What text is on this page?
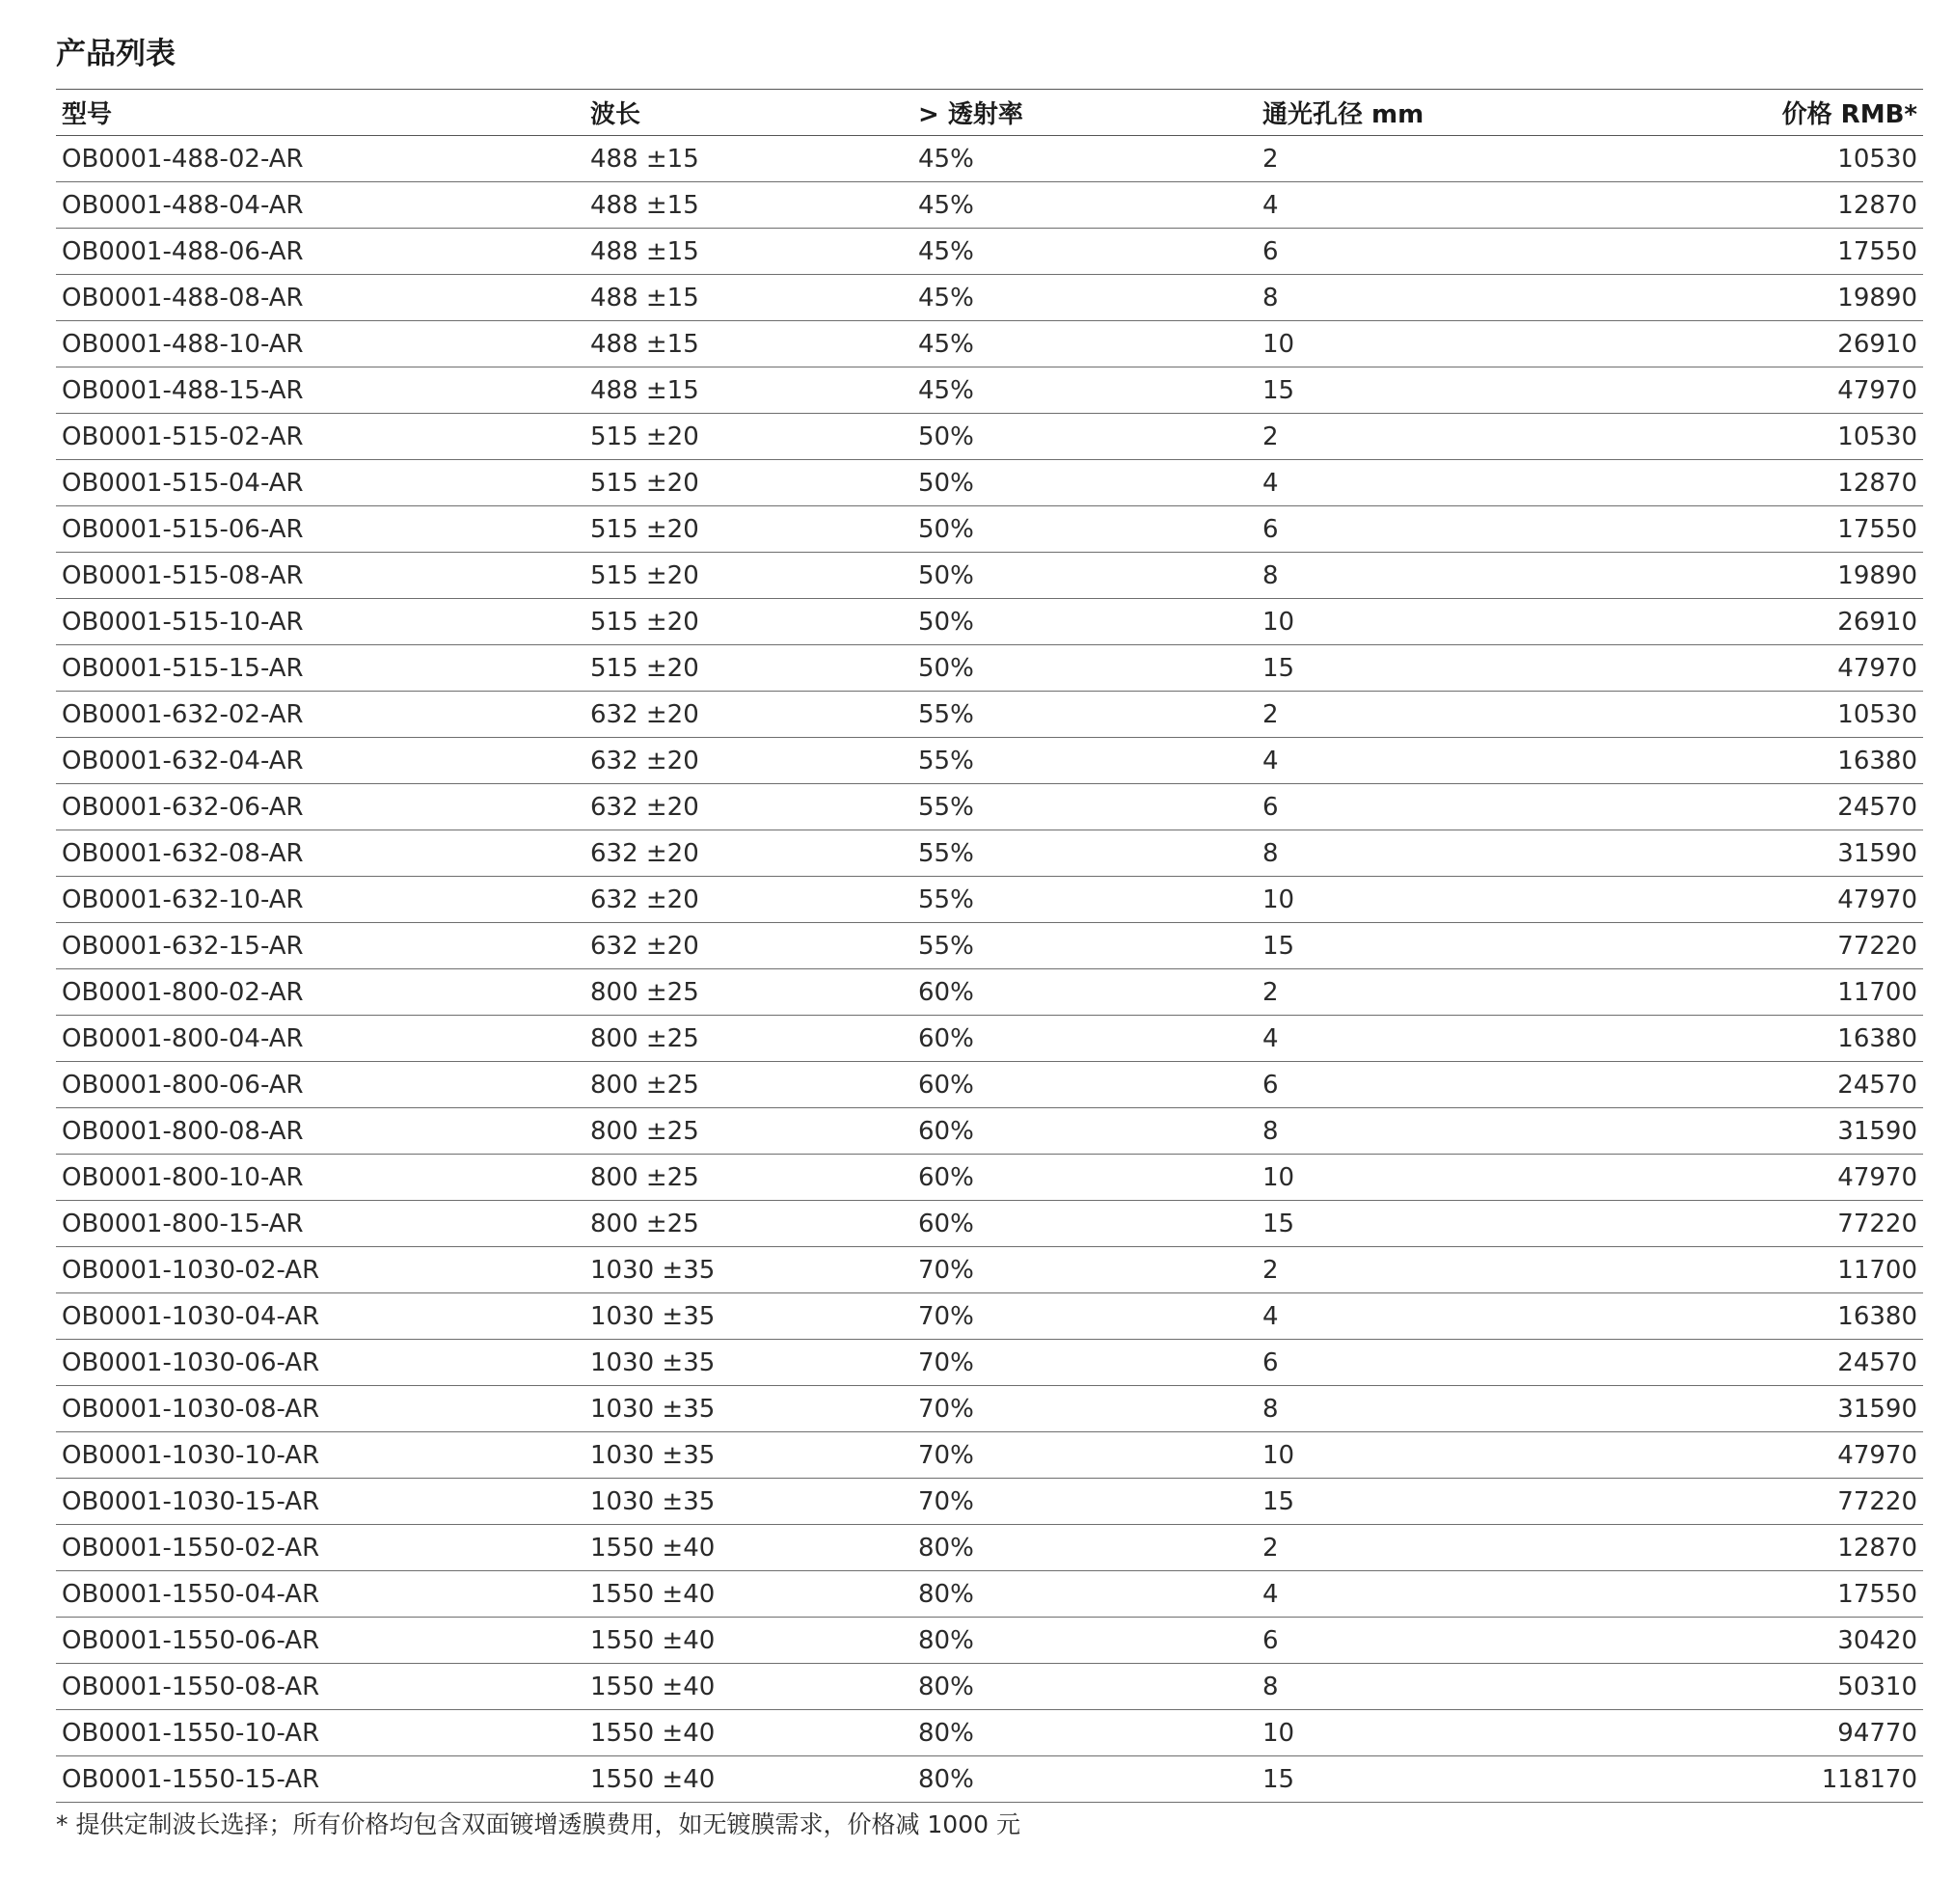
产品列表
型号	波长	> 透射率	通光孔径 mm	价格 RMB*
OB0001-488-02-AR	488 ±15	45%	2	10530
OB0001-488-04-AR	488 ±15	45%	4	12870
OB0001-488-06-AR	488 ±15	45%	6	17550
OB0001-488-08-AR	488 ±15	45%	8	19890
OB0001-488-10-AR	488 ±15	45%	10	26910
OB0001-488-15-AR	488 ±15	45%	15	47970
OB0001-515-02-AR	515 ±20	50%	2	10530
OB0001-515-04-AR	515 ±20	50%	4	12870
OB0001-515-06-AR	515 ±20	50%	6	17550
OB0001-515-08-AR	515 ±20	50%	8	19890
OB0001-515-10-AR	515 ±20	50%	10	26910
OB0001-515-15-AR	515 ±20	50%	15	47970
OB0001-632-02-AR	632 ±20	55%	2	10530
OB0001-632-04-AR	632 ±20	55%	4	16380
OB0001-632-06-AR	632 ±20	55%	6	24570
OB0001-632-08-AR	632 ±20	55%	8	31590
OB0001-632-10-AR	632 ±20	55%	10	47970
OB0001-632-15-AR	632 ±20	55%	15	77220
OB0001-800-02-AR	800 ±25	60%	2	11700
OB0001-800-04-AR	800 ±25	60%	4	16380
OB0001-800-06-AR	800 ±25	60%	6	24570
OB0001-800-08-AR	800 ±25	60%	8	31590
OB0001-800-10-AR	800 ±25	60%	10	47970
OB0001-800-15-AR	800 ±25	60%	15	77220
OB0001-1030-02-AR	1030 ±35	70%	2	11700
OB0001-1030-04-AR	1030 ±35	70%	4	16380
OB0001-1030-06-AR	1030 ±35	70%	6	24570
OB0001-1030-08-AR	1030 ±35	70%	8	31590
OB0001-1030-10-AR	1030 ±35	70%	10	47970
OB0001-1030-15-AR	1030 ±35	70%	15	77220
OB0001-1550-02-AR	1550 ±40	80%	2	12870
OB0001-1550-04-AR	1550 ±40	80%	4	17550
OB0001-1550-06-AR	1550 ±40	80%	6	30420
OB0001-1550-08-AR	1550 ±40	80%	8	50310
OB0001-1550-10-AR	1550 ±40	80%	10	94770
OB0001-1550-15-AR	1550 ±40	80%	15	118170
* 提供定制波长选择；所有价格均包含双面镀增透膜费用，如无镀膜需求，价格减 1000 元
